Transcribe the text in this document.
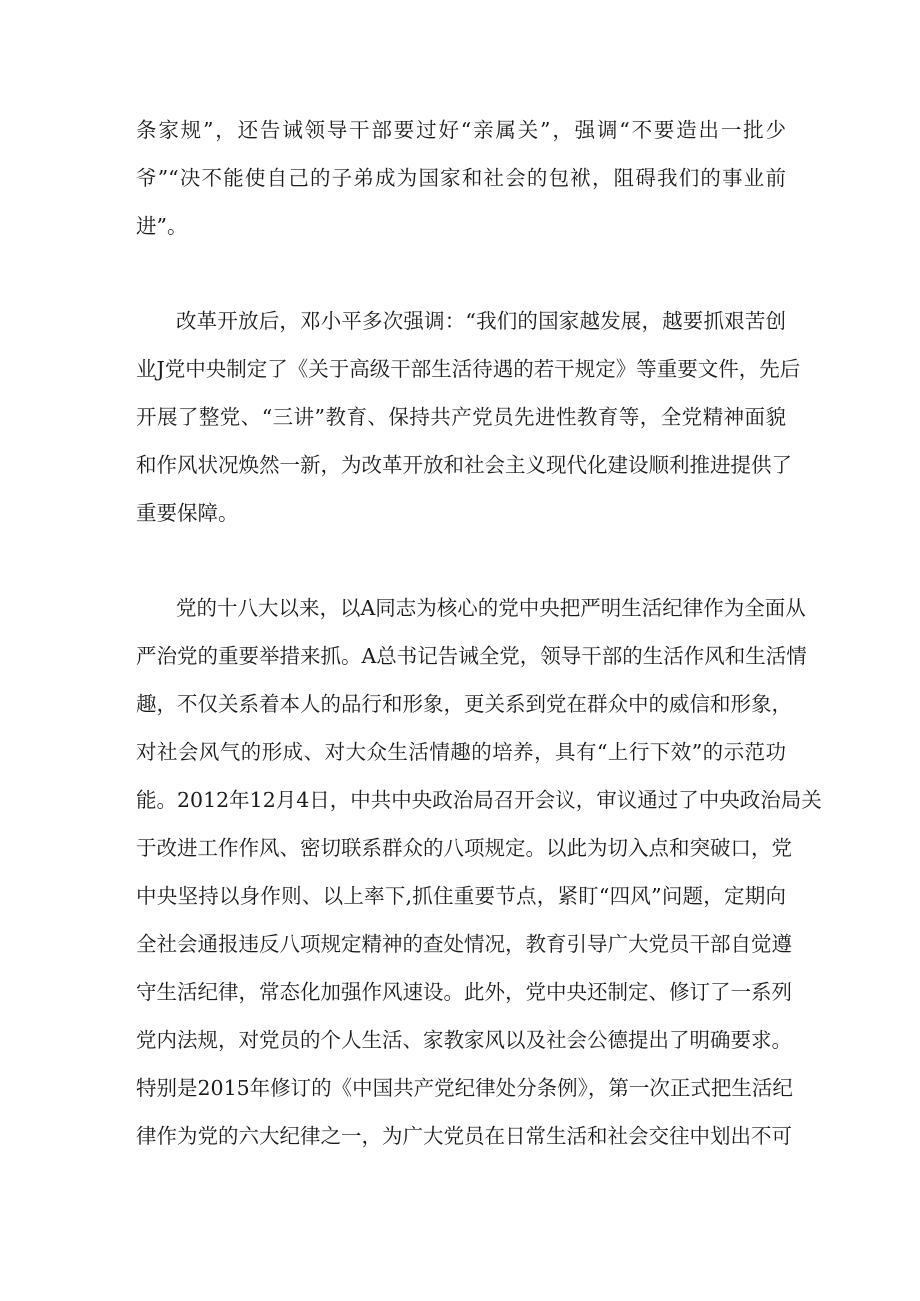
条家规”，还告诫领导干部要过好“亲属关”，强调“不要造出一批少
爷”“决不能使自己的子弟成为国家和社会的包袱，阻碍我们的事业前
进”。
改革开放后，邓小平多次强调：“我们的国家越发展，越要抓艰苦创
业J党中央制定了《关于高级干部生活待遇的若干规定》等重要文件，先后
开展了整党、“三讲”教育、保持共产党员先进性教育等，全党精神面貌
和作风状况焕然一新，为改革开放和社会主义现代化建设顺利推进提供了
重要保障。
党的十八大以来，以A同志为核心的党中央把严明生活纪律作为全面从
严治党的重要举措来抓。A总书记告诫全党，领导干部的生活作风和生活情
趣，不仅关系着本人的品行和形象，更关系到党在群众中的威信和形象，
对社会风气的形成、对大众生活情趣的培养，具有“上行下效”的示范功
能。2012年12月4日，中共中央政治局召开会议，审议通过了中央政治局关
于改进工作作风、密切联系群众的八项规定。以此为切入点和突破口，党
中央坚持以身作则、以上率下,抓住重要节点，紧盯“四风”问题，定期向
全社会通报违反八项规定精神的查处情况，教育引导广大党员干部自觉遵
守生活纪律，常态化加强作风速设。此外，党中央还制定、修订了一系列
党内法规，对党员的个人生活、家教家风以及社会公德提出了明确要求。
特别是2015年修订的《中国共产党纪律处分条例》，第一次正式把生活纪
律作为党的六大纪律之一，为广大党员在日常生活和社会交往中划出不可
